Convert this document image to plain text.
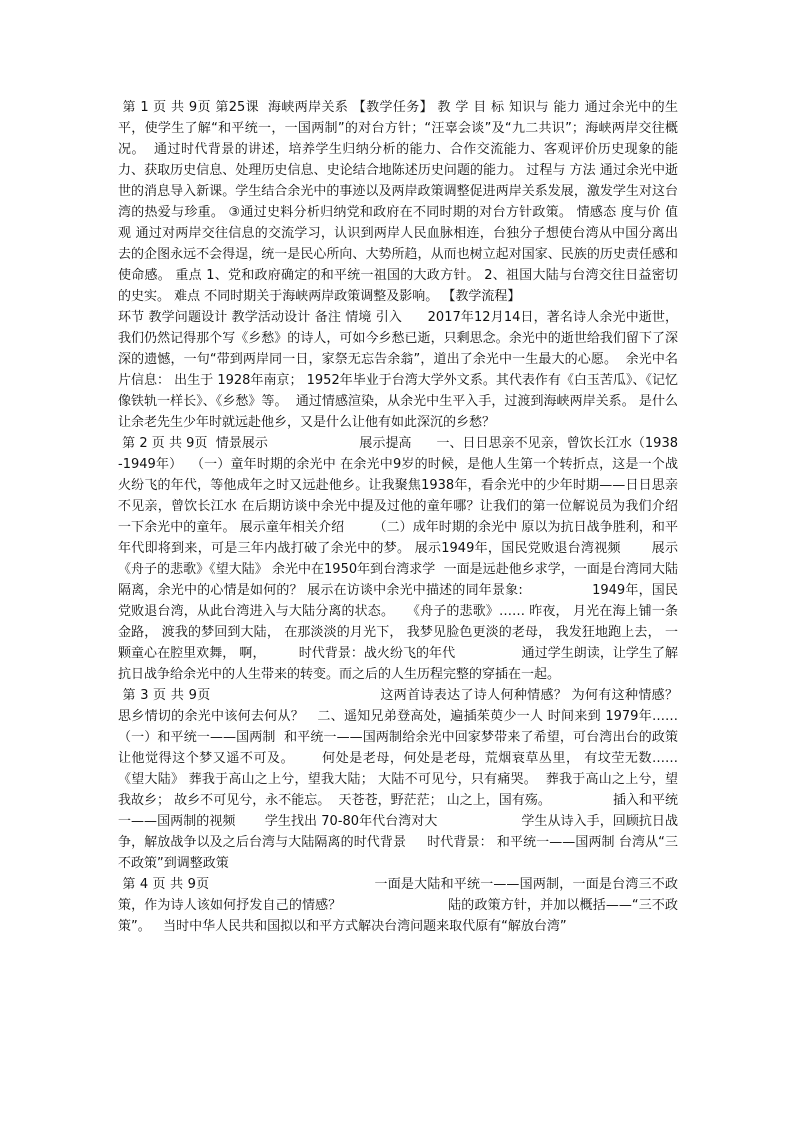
第 1 页 共 9页 第25课  海峡两岸关系 【教学任务】 教 学 目 标 知识与 能力 通过余光中的生平，使学生了解“和平统一，一国两制”的对台方针；“汪辜会谈”及“九二共识”；海峡两岸交往概况。  通过时代背景的讲述，培养学生归纳分析的能力、合作交流能力、客观评价历史现象的能力、获取历史信息、处理历史信息、史论结合地陈述历史问题的能力。 过程与 方法 通过余光中逝世的消息导入新课。学生结合余光中的事迹以及两岸政策调整促进两岸关系发展，激发学生对这台湾的热爱与珍重。 ③通过史料分析归纳党和政府在不同时期的对台方针政策。 情感态 度与价 值观 通过对两岸交往信息的交流学习，认识到两岸人民血脉相连，台独分子想使台湾从中国分离出去的企图永远不会得逞，统一是民心所向、大势所趋，从而也树立起对国家、民族的历史责任感和使命感。 重点 1、党和政府确定的和平统一祖国的大政方针。 2、祖国大陆与台湾交往日益密切的史实。 难点 不同时期关于海峡两岸政策调整及影响。 【教学流程】

环节 教学问题设计 教学活动设计 备注 情境 引入      2017年12月14日，著名诗人余光中逝世，我们仍然记得那个写《乡愁》的诗人，可如今乡愁已逝，只剩思念。余光中的逝世给我们留下了深深的遗憾，一句“带到两岸同一日，家祭无忘告余翁”，道出了余光中一生最大的心愿。  余光中名片信息： 出生于 1928年南京； 1952年毕业于台湾大学外文系。其代表作有《白玉苦瓜》、《记忆像铁轨一样长》、《乡愁》等。  通过情感渲染，从余光中生平入手，过渡到海峡两岸关系。 是什么让余老先生少年时就远赴他乡，又是什么让他有如此深沉的乡愁？

第 2 页 共 9页  情景展示                      展示提高      一、日日思亲不见亲，曾饮长江水（1938-1949年）  （一）童年时期的余光中 在余光中9岁的时候，是他人生第一个转折点，这是一个战火纷飞的年代，等他成年之时又远赴他乡。让我聚焦1938年，看余光中的少年时期——日日思亲不见亲，曾饮长江水 在后期访谈中余光中提及过他的童年哪？让我们的第一位解说员为我们介绍一下余光中的童年。 展示童年相关介绍       （二）成年时期的余光中 原以为抗日战争胜利，和平年代即将到来，可是三年内战打破了余光中的梦。 展示1949年，国民党败退台湾视频       展示《舟子的悲歌》《望大陆》 余光中在1950年到台湾求学  一面是远赴他乡求学，一面是台湾同大陆隔离，余光中的心情是如何的？ 展示在访谈中余光中描述的同年景象:                1949年，国民党败退台湾，从此台湾进入与大陆分离的状态。   《舟子的悲歌》…… 昨夜， 月光在海上铺一条金路， 渡我的梦回到大陆， 在那淡淡的月光下， 我梦见脸色更淡的老母， 我发狂地跑上去， 一颗童心在腔里欢舞， 啊，        时代背景：战火纷飞的年代                通过学生朗读，让学生了解抗日战争给余光中的人生带来的转变。而之后的人生历程完整的穿插在一起。

第 3 页 共 9页                                      这两首诗表达了诗人何种情感？ 为何有这种情感？   思乡情切的余光中该何去何从？   二、遥知兄弟登高处，遍插茱萸少一人 时间来到 1979年……     （一）和平统一——国两制  和平统一——国两制给余光中回家梦带来了希望，可台湾出台的政策让他觉得这个梦又遥不可及。      何处是老母，何处是老母，荒烟衰草丛里， 有坟茔无数…… 《望大陆》 葬我于高山之上兮，望我大陆； 大陆不可见兮，只有痛哭。  葬我于高山之上兮，望我故乡； 故乡不可见兮，永不能忘。  天苍苍，野茫茫； 山之上，国有殇。               插入和平统一——国两制的视频       学生找出 70-80年代台湾对大                    学生从诗入手，回顾抗日战争，解放战争以及之后台湾与大陆隔离的时代背景     时代背景： 和平统一——国两制 台湾从“三不政策”到调整政策

第 4 页 共 9页                                      一面是大陆和平统一——国两制，一面是台湾三不政策，作为诗人该如何抒发自己的情感？                         陆的政策方针，并加以概括——“三不政策”。   当时中华人民共和国拟以和平方式解决台湾问题来取代原有“解放台湾”
